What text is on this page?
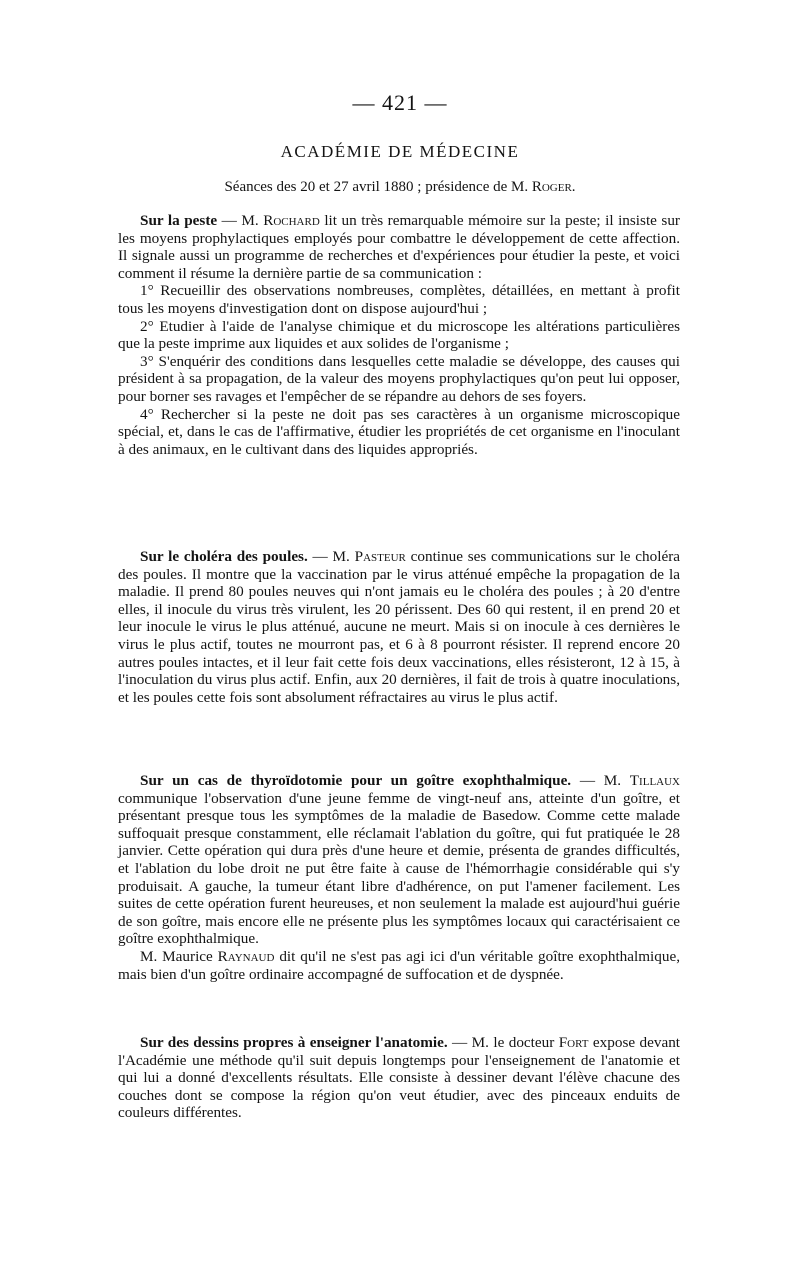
— 421 —
ACADÉMIE DE MÉDECINE
Séances des 20 et 27 avril 1880 ; présidence de M. Roger.

Sur la peste — M. Rochard lit un très remarquable mémoire sur la peste; il insiste sur les moyens prophylactiques employés pour combattre le développement de cette affection. Il signale aussi un programme de recherches et d'expériences pour étudier la peste, et voici comment il résume la dernière partie de sa communication :

1° Recueillir des observations nombreuses, complètes, détaillées, en mettant à profit tous les moyens d'investigation dont on dispose aujourd'hui ;

2° Etudier à l'aide de l'analyse chimique et du microscope les altérations particulières que la peste imprime aux liquides et aux solides de l'organisme ;

3° S'enquérir des conditions dans lesquelles cette maladie se développe, des causes qui président à sa propagation, de la valeur des moyens prophylactiques qu'on peut lui opposer, pour borner ses ravages et l'empêcher de se répandre au dehors de ses foyers.

4° Rechercher si la peste ne doit pas ses caractères à un organisme microscopique spécial, et, dans le cas de l'affirmative, étudier les propriétés de cet organisme en l'inoculant à des animaux, en le cultivant dans des liquides appropriés.

Sur le choléra des poules. — M. Pasteur continue ses communications sur le choléra des poules. Il montre que la vaccination par le virus atténué empêche la propagation de la maladie. Il prend 80 poules neuves qui n'ont jamais eu le choléra des poules ; à 20 d'entre elles, il inocule du virus très virulent, les 20 périssent. Des 60 qui restent, il en prend 20 et leur inocule le virus le plus atténué, aucune ne meurt. Mais si on inocule à ces dernières le virus le plus actif, toutes ne mourront pas, et 6 à 8 pourront résister. Il reprend encore 20 autres poules intactes, et il leur fait cette fois deux vaccinations, elles résisteront, 12 à 15, à l'inoculation du virus plus actif. Enfin, aux 20 dernières, il fait de trois à quatre inoculations, et les poules cette fois sont absolument réfractaires au virus le plus actif.

Sur un cas de thyroïdotomie pour un goître exophthalmique. — M. Tillaux communique l'observation d'une jeune femme de vingt-neuf ans, atteinte d'un goître, et présentant presque tous les symptômes de la maladie de Basedow. Comme cette malade suffoquait presque constamment, elle réclamait l'ablation du goître, qui fut pratiquée le 28 janvier. Cette opération qui dura près d'une heure et demie, présenta de grandes difficultés, et l'ablation du lobe droit ne put être faite à cause de l'hémorrhagie considérable qui s'y produisait. A gauche, la tumeur étant libre d'adhérence, on put l'amener facilement. Les suites de cette opération furent heureuses, et non seulement la malade est aujourd'hui guérie de son goître, mais encore elle ne présente plus les symptômes locaux qui caractérisaient ce goître exophthalmique.

M. Maurice Raynaud dit qu'il ne s'est pas agi ici d'un véritable goître exophthalmique, mais bien d'un goître ordinaire accompagné de suffocation et de dyspnée.

Sur des dessins propres à enseigner l'anatomie. — M. le docteur Fort expose devant l'Académie une méthode qu'il suit depuis longtemps pour l'enseignement de l'anatomie et qui lui a donné d'excellents résultats. Elle consiste à dessiner devant l'élève chacune des couches dont se compose la région qu'on veut étudier, avec des pinceaux enduits de couleurs différentes.
